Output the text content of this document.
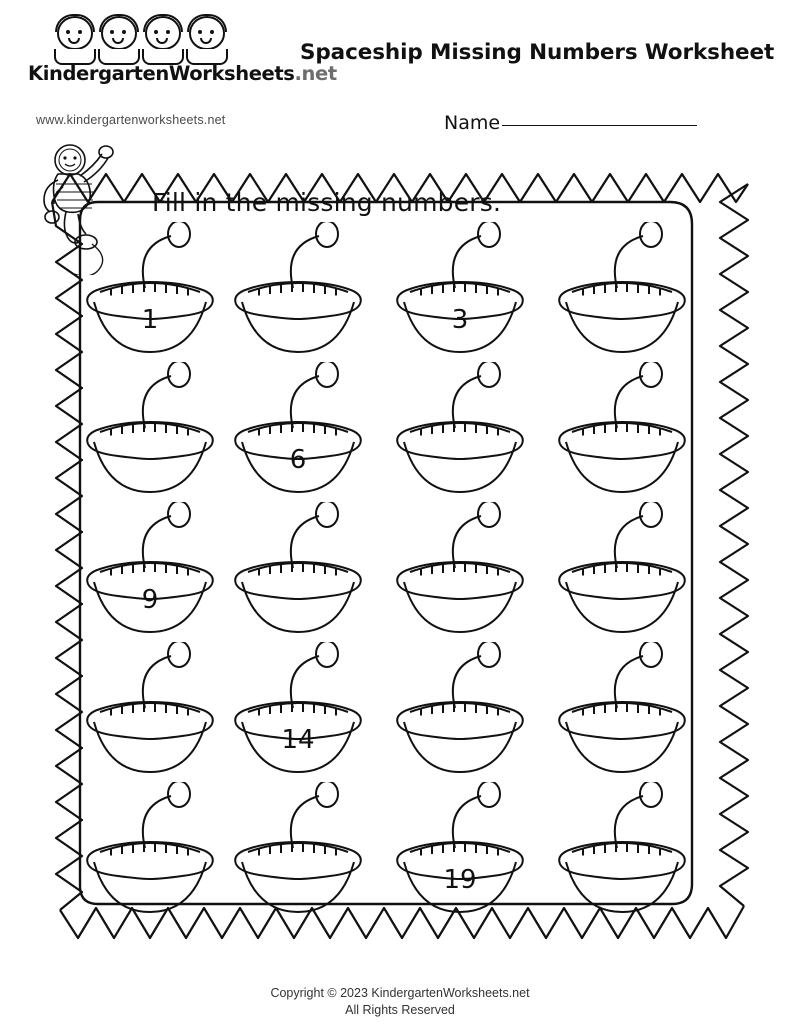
KindergartenWorksheets.net
www.kindergartenworksheets.net
Spaceship Missing Numbers Worksheet
Name
Fill in the missing numbers.
1	3
6
9
14
19
Copyright © 2023 KindergartenWorksheets.net
All Rights Reserved
